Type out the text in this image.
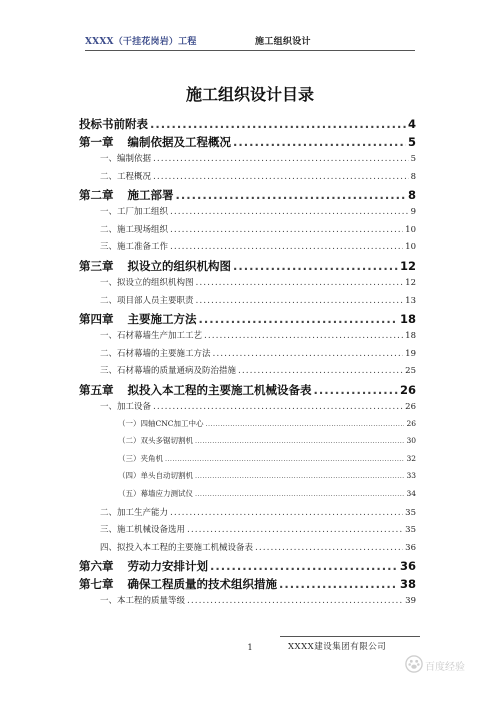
XXXX（干挂花岗岩）工程	施工组织设计
施工组织设计目录
投标书前附表 .....	4
第一章 编制依据及工程概况 .....	5
一、编制依据 .....	5
二、工程概况 .....	8
第二章 施工部署 .....	8
一、工厂加工组织 .....	9
二、施工现场组织 .....	10
三、施工准备工作 .....	10
第三章 拟设立的组织机构图 .....	12
一、拟设立的组织机构图 .....	12
二、项目部人员主要职责 .....	13
第四章 主要施工方法 .....	18
一、石材幕墙生产加工工艺 .....	18
二、石材幕墙的主要施工方法 .....	19
三、石材幕墙的质量通病及防治措施 .....	25
第五章 拟投入本工程的主要施工机械设备表 .....	26
一、加工设备 .....	26
（一）四轴CNC加工中心 .....	26
（二）双头多锯切割机 .....	30
（三）夹角机 .....	32
（四）单头自动切割机 .....	33
（五）幕墙应力测试仪 .....	34
二、加工生产能力 .....	35
三、施工机械设备选用 .....	35
四、拟投入本工程的主要施工机械设备表 .....	36
第六章 劳动力安排计划 .....	36
第七章 确保工程质量的技术组织措施 .....	38
一、本工程的质量等级 .....	39
1	XXXX建设集团有限公司
百度经验
